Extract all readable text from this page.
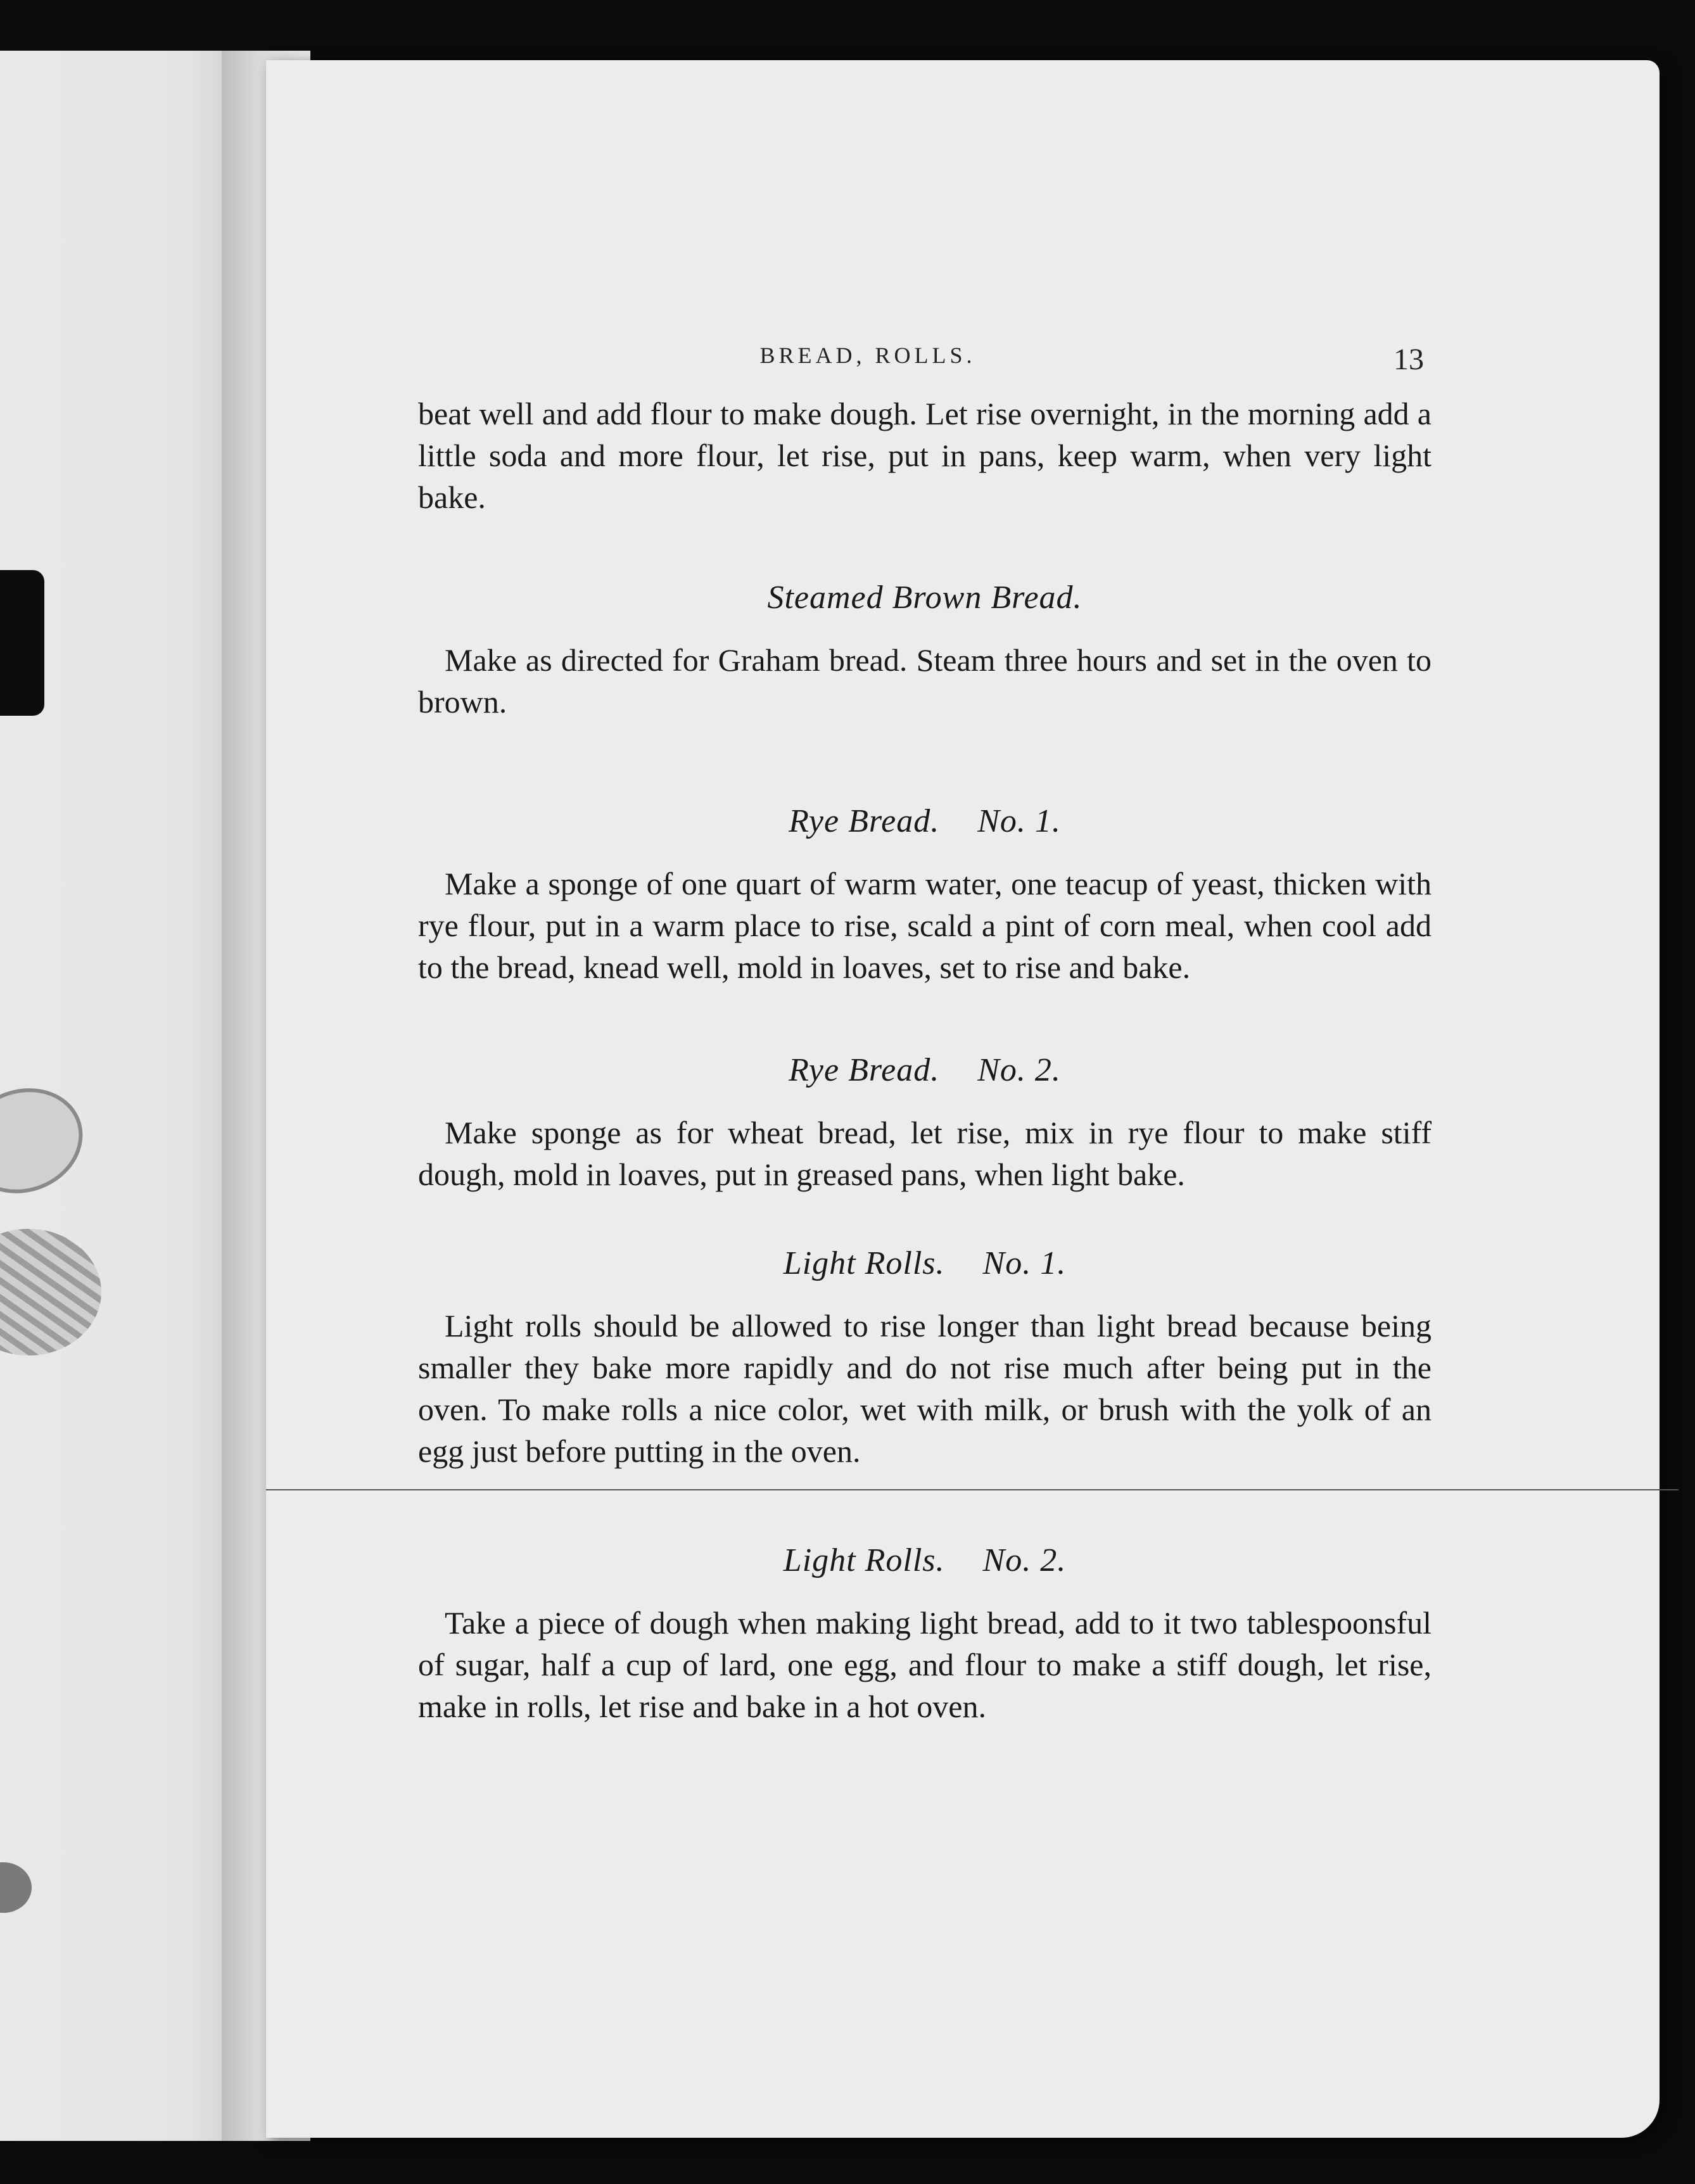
BREAD, ROLLS.	13

beat well and add flour to make dough. Let rise overnight, in the morning add a little soda and more flour, let rise, put in pans, keep warm, when very light bake.

Steamed Brown Bread.

Make as directed for Graham bread. Steam three hours and set in the oven to brown.

Rye Bread. No. 1.

Make a sponge of one quart of warm water, one teacup of yeast, thicken with rye flour, put in a warm place to rise, scald a pint of corn meal, when cool add to the bread, knead well, mold in loaves, set to rise and bake.

Rye Bread. No. 2.

Make sponge as for wheat bread, let rise, mix in rye flour to make stiff dough, mold in loaves, put in greased pans, when light bake.

Light Rolls. No. 1.

Light rolls should be allowed to rise longer than light bread because being smaller they bake more rapidly and do not rise much after being put in the oven. To make rolls a nice color, wet with milk, or brush with the yolk of an egg just before putting in the oven.

Light Rolls. No. 2.

Take a piece of dough when making light bread, add to it two tablespoonsful of sugar, half a cup of lard, one egg, and flour to make a stiff dough, let rise, make in rolls, let rise and bake in a hot oven.
